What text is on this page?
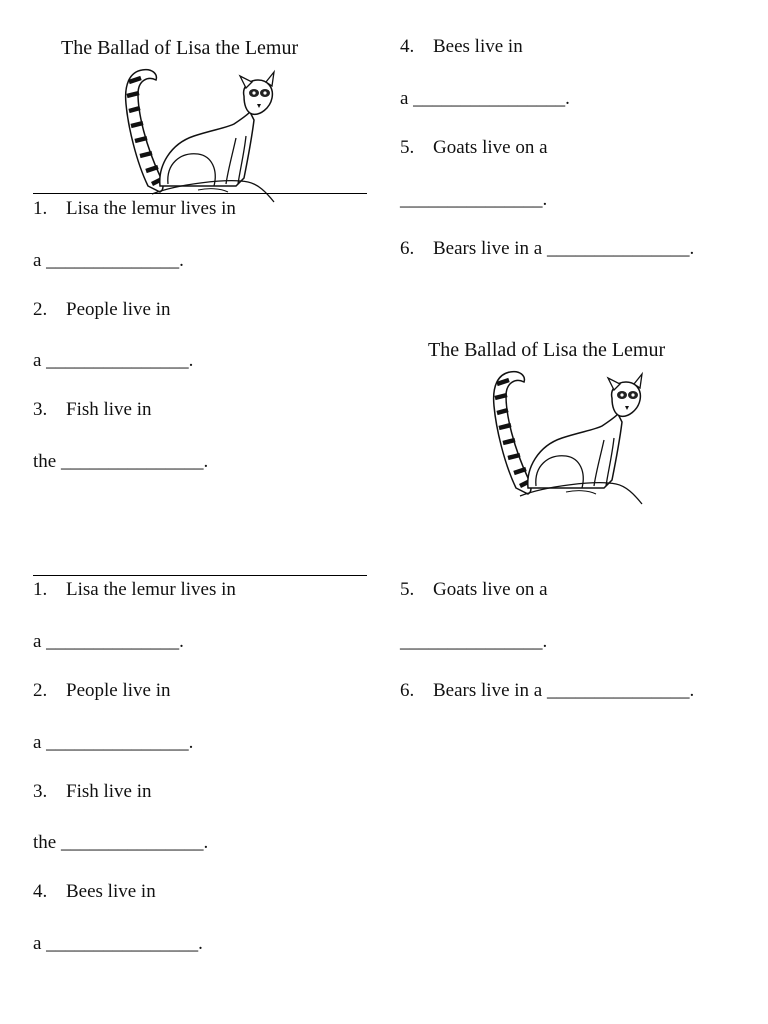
The Ballad of Lisa the Lemur
1. Lisa the lemur lives in
a ______________.
2. People live in
a _______________.
3. Fish live in
the _______________.
4. Bees live in
a ________________.
5. Goats live on a
_______________.
6. Bears live in a _______________.
The Ballad of Lisa the Lemur
1. Lisa the lemur lives in
a ______________.
2. People live in
a _______________.
3. Fish live in
the _______________.
4. Bees live in
a ________________.
5. Goats live on a
_______________.
6. Bears live in a _______________.
